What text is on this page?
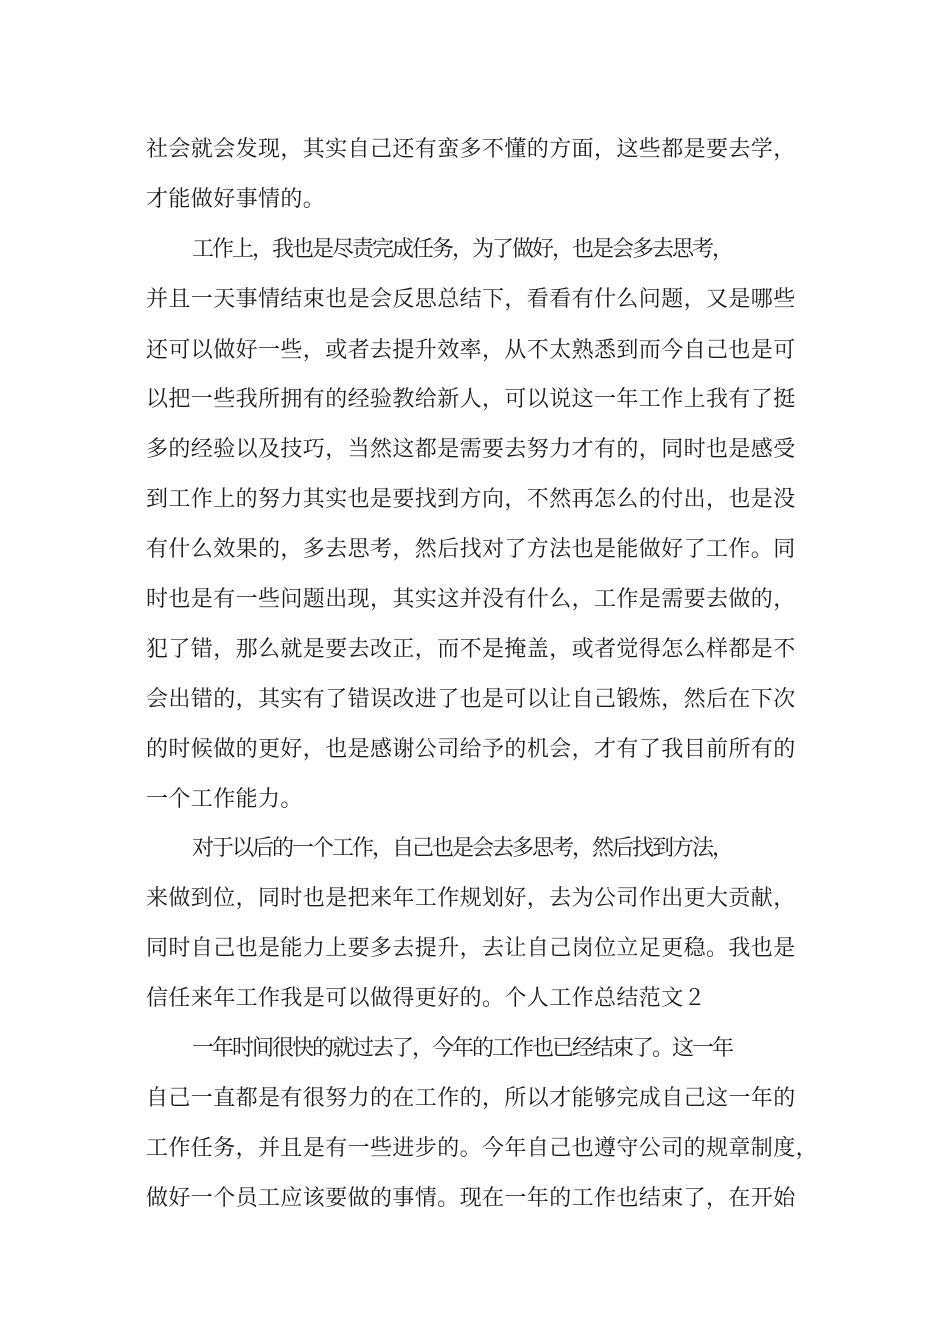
社会就会发现，其实自己还有蛮多不懂的方面，这些都是要去学，
才能做好事情的。
工作上，我也是尽责完成任务，为了做好，也是会多去思考，
并且一天事情结束也是会反思总结下，看看有什么问题，又是哪些
还可以做好一些，或者去提升效率，从不太熟悉到而今自己也是可
以把一些我所拥有的经验教给新人，可以说这一年工作上我有了挺
多的经验以及技巧，当然这都是需要去努力才有的，同时也是感受
到工作上的努力其实也是要找到方向，不然再怎么的付出，也是没
有什么效果的，多去思考，然后找对了方法也是能做好了工作。同
时也是有一些问题出现，其实这并没有什么，工作是需要去做的，
犯了错，那么就是要去改正，而不是掩盖，或者觉得怎么样都是不
会出错的，其实有了错误改进了也是可以让自己锻炼，然后在下次
的时候做的更好，也是感谢公司给予的机会，才有了我目前所有的
一个工作能力。
对于以后的一个工作，自己也是会去多思考，然后找到方法，
来做到位，同时也是把来年工作规划好，去为公司作出更大贡献，
同时自己也是能力上要多去提升，去让自己岗位立足更稳。我也是
信任来年工作我是可以做得更好的。个人工作总结范文２
一年时间很快的就过去了，今年的工作也已经结束了。这一年
自己一直都是有很努力的在工作的，所以才能够完成自己这一年的
工作任务，并且是有一些进步的。今年自己也遵守公司的规章制度，
做好一个员工应该要做的事情。现在一年的工作也结束了，在开始
